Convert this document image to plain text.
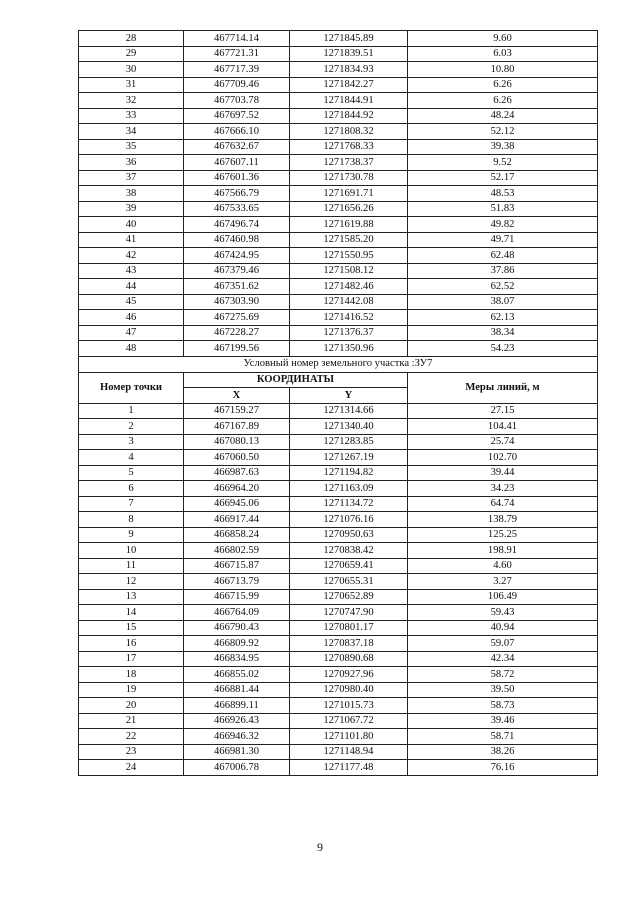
28	467714.14	1271845.89	9.60
29	467721.31	1271839.51	6.03
30	467717.39	1271834.93	10.80
31	467709.46	1271842.27	6.26
32	467703.78	1271844.91	6.26
33	467697.52	1271844.92	48.24
34	467666.10	1271808.32	52.12
35	467632.67	1271768.33	39.38
36	467607.11	1271738.37	9.52
37	467601.36	1271730.78	52.17
38	467566.79	1271691.71	48.53
39	467533.65	1271656.26	51.83
40	467496.74	1271619.88	49.82
41	467460.98	1271585.20	49.71
42	467424.95	1271550.95	62.48
43	467379.46	1271508.12	37.86
44	467351.62	1271482.46	62.52
45	467303.90	1271442.08	38.07
46	467275.69	1271416.52	62.13
47	467228.27	1271376.37	38.34
48	467199.56	1271350.96	54.23
Условный номер земельного участка :ЗУ7			
Номер точки	КООРДИНАТЫ		Меры линий, м
	X	Y	
1	467159.27	1271314.66	27.15
2	467167.89	1271340.40	104.41
3	467080.13	1271283.85	25.74
4	467060.50	1271267.19	102.70
5	466987.63	1271194.82	39.44
6	466964.20	1271163.09	34.23
7	466945.06	1271134.72	64.74
8	466917.44	1271076.16	138.79
9	466858.24	1270950.63	125.25
10	466802.59	1270838.42	198.91
11	466715.87	1270659.41	4.60
12	466713.79	1270655.31	3.27
13	466715.99	1270652.89	106.49
14	466764.09	1270747.90	59.43
15	466790.43	1270801.17	40.94
16	466809.92	1270837.18	59.07
17	466834.95	1270890.68	42.34
18	466855.02	1270927.96	58.72
19	466881.44	1270980.40	39.50
20	466899.11	1271015.73	58.73
21	466926.43	1271067.72	39.46
22	466946.32	1271101.80	58.71
23	466981.30	1271148.94	38.26
24	467006.78	1271177.48	76.16
9
